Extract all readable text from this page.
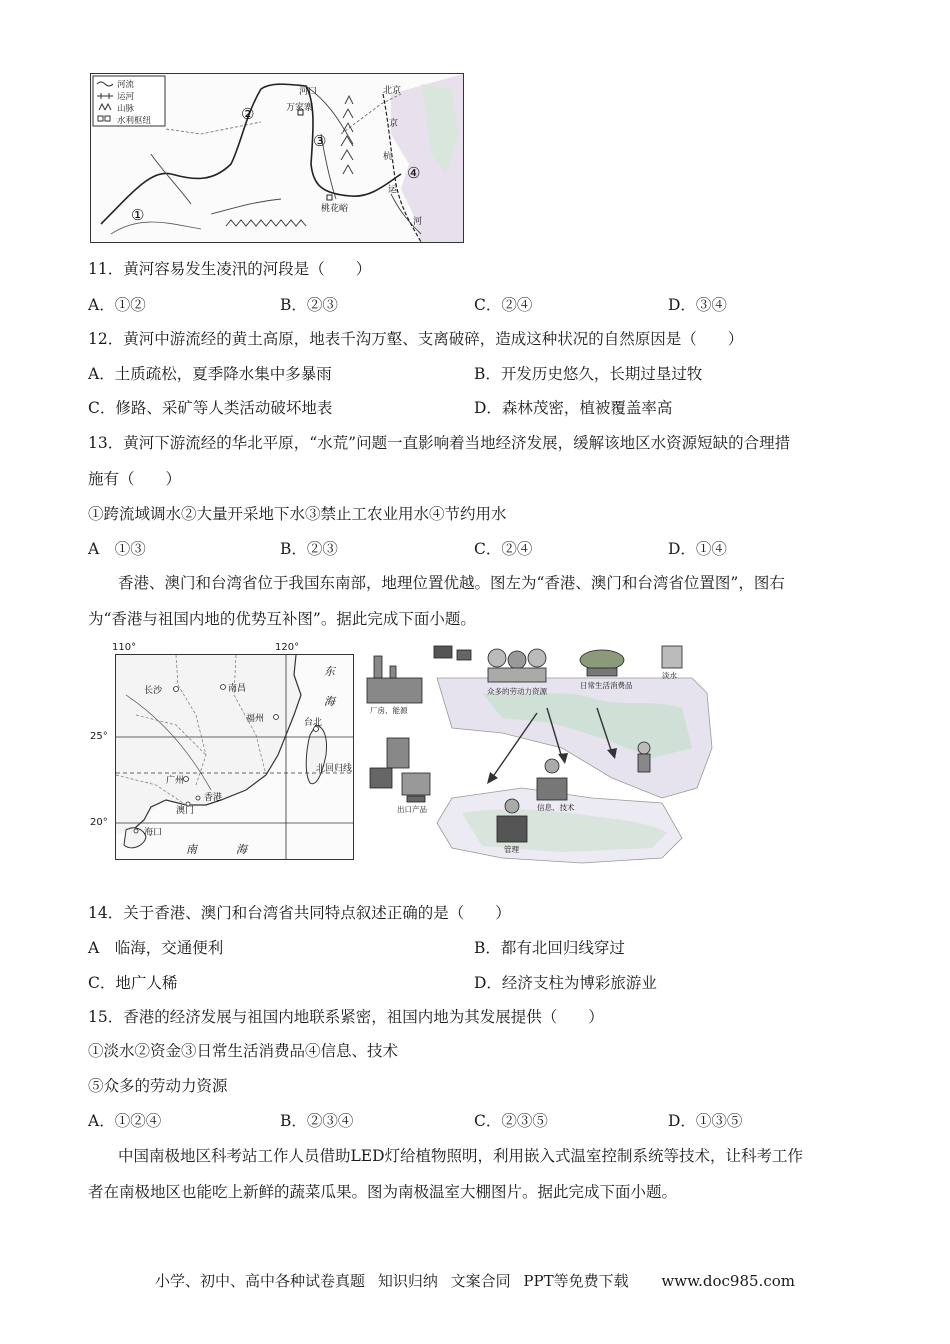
河流
运河
山脉
水利枢纽
河口
万家寨
北京
桃花峪
京
杭
运
河
①
②
③
④
11．黄河容易发生凌汛的河段是（　　）
A．①②	B．②③	C．②④	D．③④
12．黄河中游流经的黄土高原，地表千沟万壑、支离破碎，造成这种状况的自然原因是（　　）
A．土质疏松，夏季降水集中多暴雨	B．开发历史悠久，长期过垦过牧
C．修路、采矿等人类活动破坏地表	D．森林茂密，植被覆盖率高
13．黄河下游流经的华北平原，“水荒”问题一直影响着当地经济发展，缓解该地区水资源短缺的合理措
施有（　　）
①跨流域调水②大量开采地下水③禁止工农业用水④节约用水
A　①③	B．②③	C．②④	D．①④
香港、澳门和台湾省位于我国东南部，地理位置优越。图左为“香港、澳门和台湾省位置图”，图右
为“香港与祖国内地的优势互补图”。据此完成下面小题。
南昌
长沙
福州	台北
广州
香港
澳门
海口
北回归线
东
海
南	海
110°	120°
25°
20°
厂房、能源
众多的劳动力资源
日常生活消费品
淡水
出口产品	信息、技术
管理
14．关于香港、澳门和台湾省共同特点叙述正确的是（　　）
A　临海，交通便利	B．都有北回归线穿过
C．地广人稀	D．经济支柱为博彩旅游业
15．香港的经济发展与祖国内地联系紧密，祖国内地为其发展提供（　　）
①淡水②资金③日常生活消费品④信息、技术
⑤众多的劳动力资源
A．①②④	B．②③④	C．②③⑤	D．①③⑤
中国南极地区科考站工作人员借助LED灯给植物照明，利用嵌入式温室控制系统等技术，让科考工作
者在南极地区也能吃上新鲜的蔬菜瓜果。图为南极温室大棚图片。据此完成下面小题。
小学、初中、高中各种试卷真题 知识归纳 文案合同 PPT等免费下载 www.doc985.com
